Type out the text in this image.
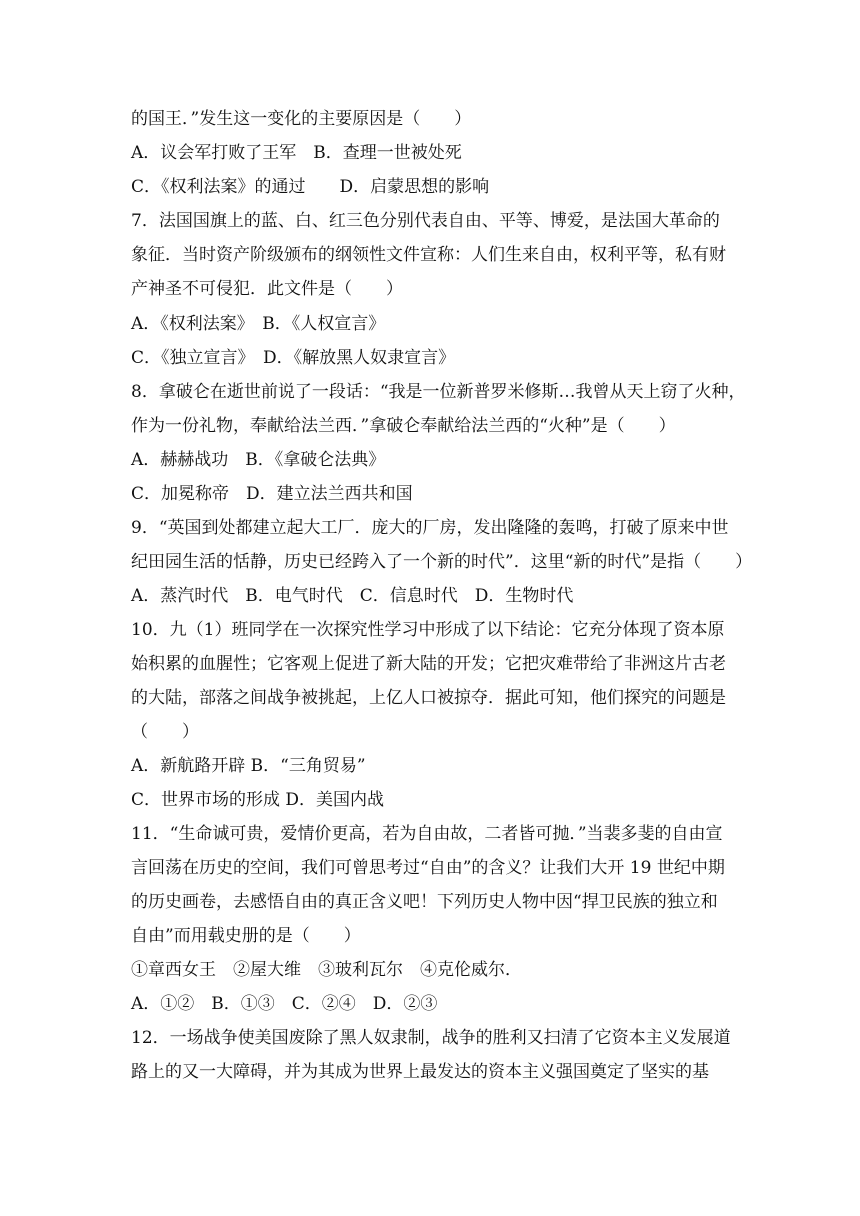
的国王．”发生这一变化的主要原因是（　　）
A．议会军打败了王军　B．查理一世被处死
C．《权利法案》的通过　　D．启蒙思想的影响
7．法国国旗上的蓝、白、红三色分别代表自由、平等、博爱，是法国大革命的
象征．当时资产阶级颁布的纲领性文件宣称：人们生来自由，权利平等，私有财
产神圣不可侵犯．此文件是（　　）
A．《权利法案》　B．《人权宣言》
C．《独立宣言》　D．《解放黑人奴隶宣言》
8．拿破仑在逝世前说了一段话：“我是一位新普罗米修斯…我曾从天上窃了火种，
作为一份礼物，奉献给法兰西．”拿破仑奉献给法兰西的“火种”是（　　）
A．赫赫战功　B．《拿破仑法典》
C．加冕称帝　D．建立法兰西共和国
9．“英国到处都建立起大工厂．庞大的厂房，发出隆隆的轰鸣，打破了原来中世
纪田园生活的恬静，历史已经跨入了一个新的时代”．这里“新的时代”是指（　　）
A．蒸汽时代　B．电气时代　C．信息时代　D．生物时代
10．九（1）班同学在一次探究性学习中形成了以下结论：它充分体现了资本原
始积累的血腥性；它客观上促进了新大陆的开发；它把灾难带给了非洲这片古老
的大陆，部落之间战争被挑起，上亿人口被掠夺．据此可知，他们探究的问题是
（　　）
A．新航路开辟 B．“三角贸易”
C．世界市场的形成 D．美国内战
11．“生命诚可贵，爱情价更高，若为自由故，二者皆可抛．”当裴多斐的自由宣
言回荡在历史的空间，我们可曾思考过“自由”的含义？让我们大开 19 世纪中期
的历史画卷，去感悟自由的真正含义吧！下列历史人物中因“捍卫民族的独立和
自由”而用载史册的是（　　）
①章西女王　②屋大维　③玻利瓦尔　④克伦威尔．
A．①②　B．①③　C．②④　D．②③
12．一场战争使美国废除了黑人奴隶制，战争的胜利又扫清了它资本主义发展道
路上的又一大障碍，并为其成为世界上最发达的资本主义强国奠定了坚实的基
